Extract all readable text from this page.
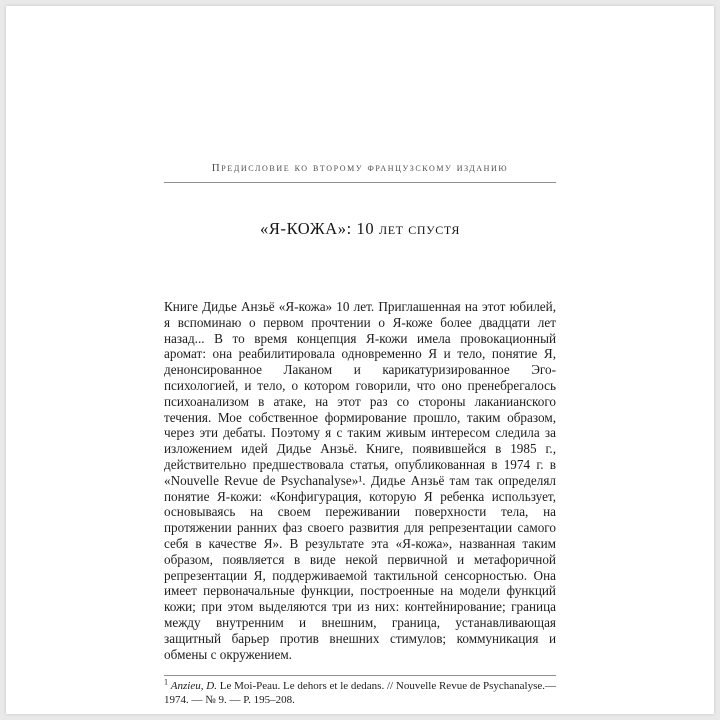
Предисловие ко второму французскому изданию
«Я-КОЖА»: 10 лет спустя

Книге Дидье Анзьё «Я-кожа» 10 лет. Приглашенная на этот юбилей, я вспоминаю о первом прочтении о Я-коже более двадцати лет назад... В то время концепция Я-кожи имела провокационный аромат: она реабилитировала одновременно Я и тело, понятие Я, денонсированное Лаканом и карикатуризированное Эго-психологией, и тело, о котором говорили, что оно пренебрегалось психоанализом в атаке, на этот раз со стороны лаканианского течения. Мое собственное формирование прошло, таким образом, через эти дебаты. Поэтому я с таким живым интересом следила за изложением идей Дидье Анзьё. Книге, появившейся в 1985 г., действительно предшествовала статья, опубликованная в 1974 г. в «Nouvelle Revue de Psychanalyse»¹. Дидье Анзьё там так определял понятие Я-кожи: «Конфигурация, которую Я ребенка использует, основываясь на своем переживании поверхности тела, на протяжении ранних фаз своего развития для репрезентации самого себя в качестве Я». В результате эта «Я-кожа», названная таким образом, появляется в виде некой первичной и метафоричной репрезентации Я, поддерживаемой тактильной сенсорностью. Она имеет первоначальные функции, построенные на модели функций кожи; при этом выделяются три из них: контейнирование; граница между внутренним и внешним, граница, устанавливающая защитный барьер против внешних стимулов; коммуникация и обмены с окружением.

$^1$ Anzieu, D. Le Moi-Peau. Le dehors et le dedans. // Nouvelle Revue de Psychanalyse.— 1974. — № 9. — P. 195–208.
